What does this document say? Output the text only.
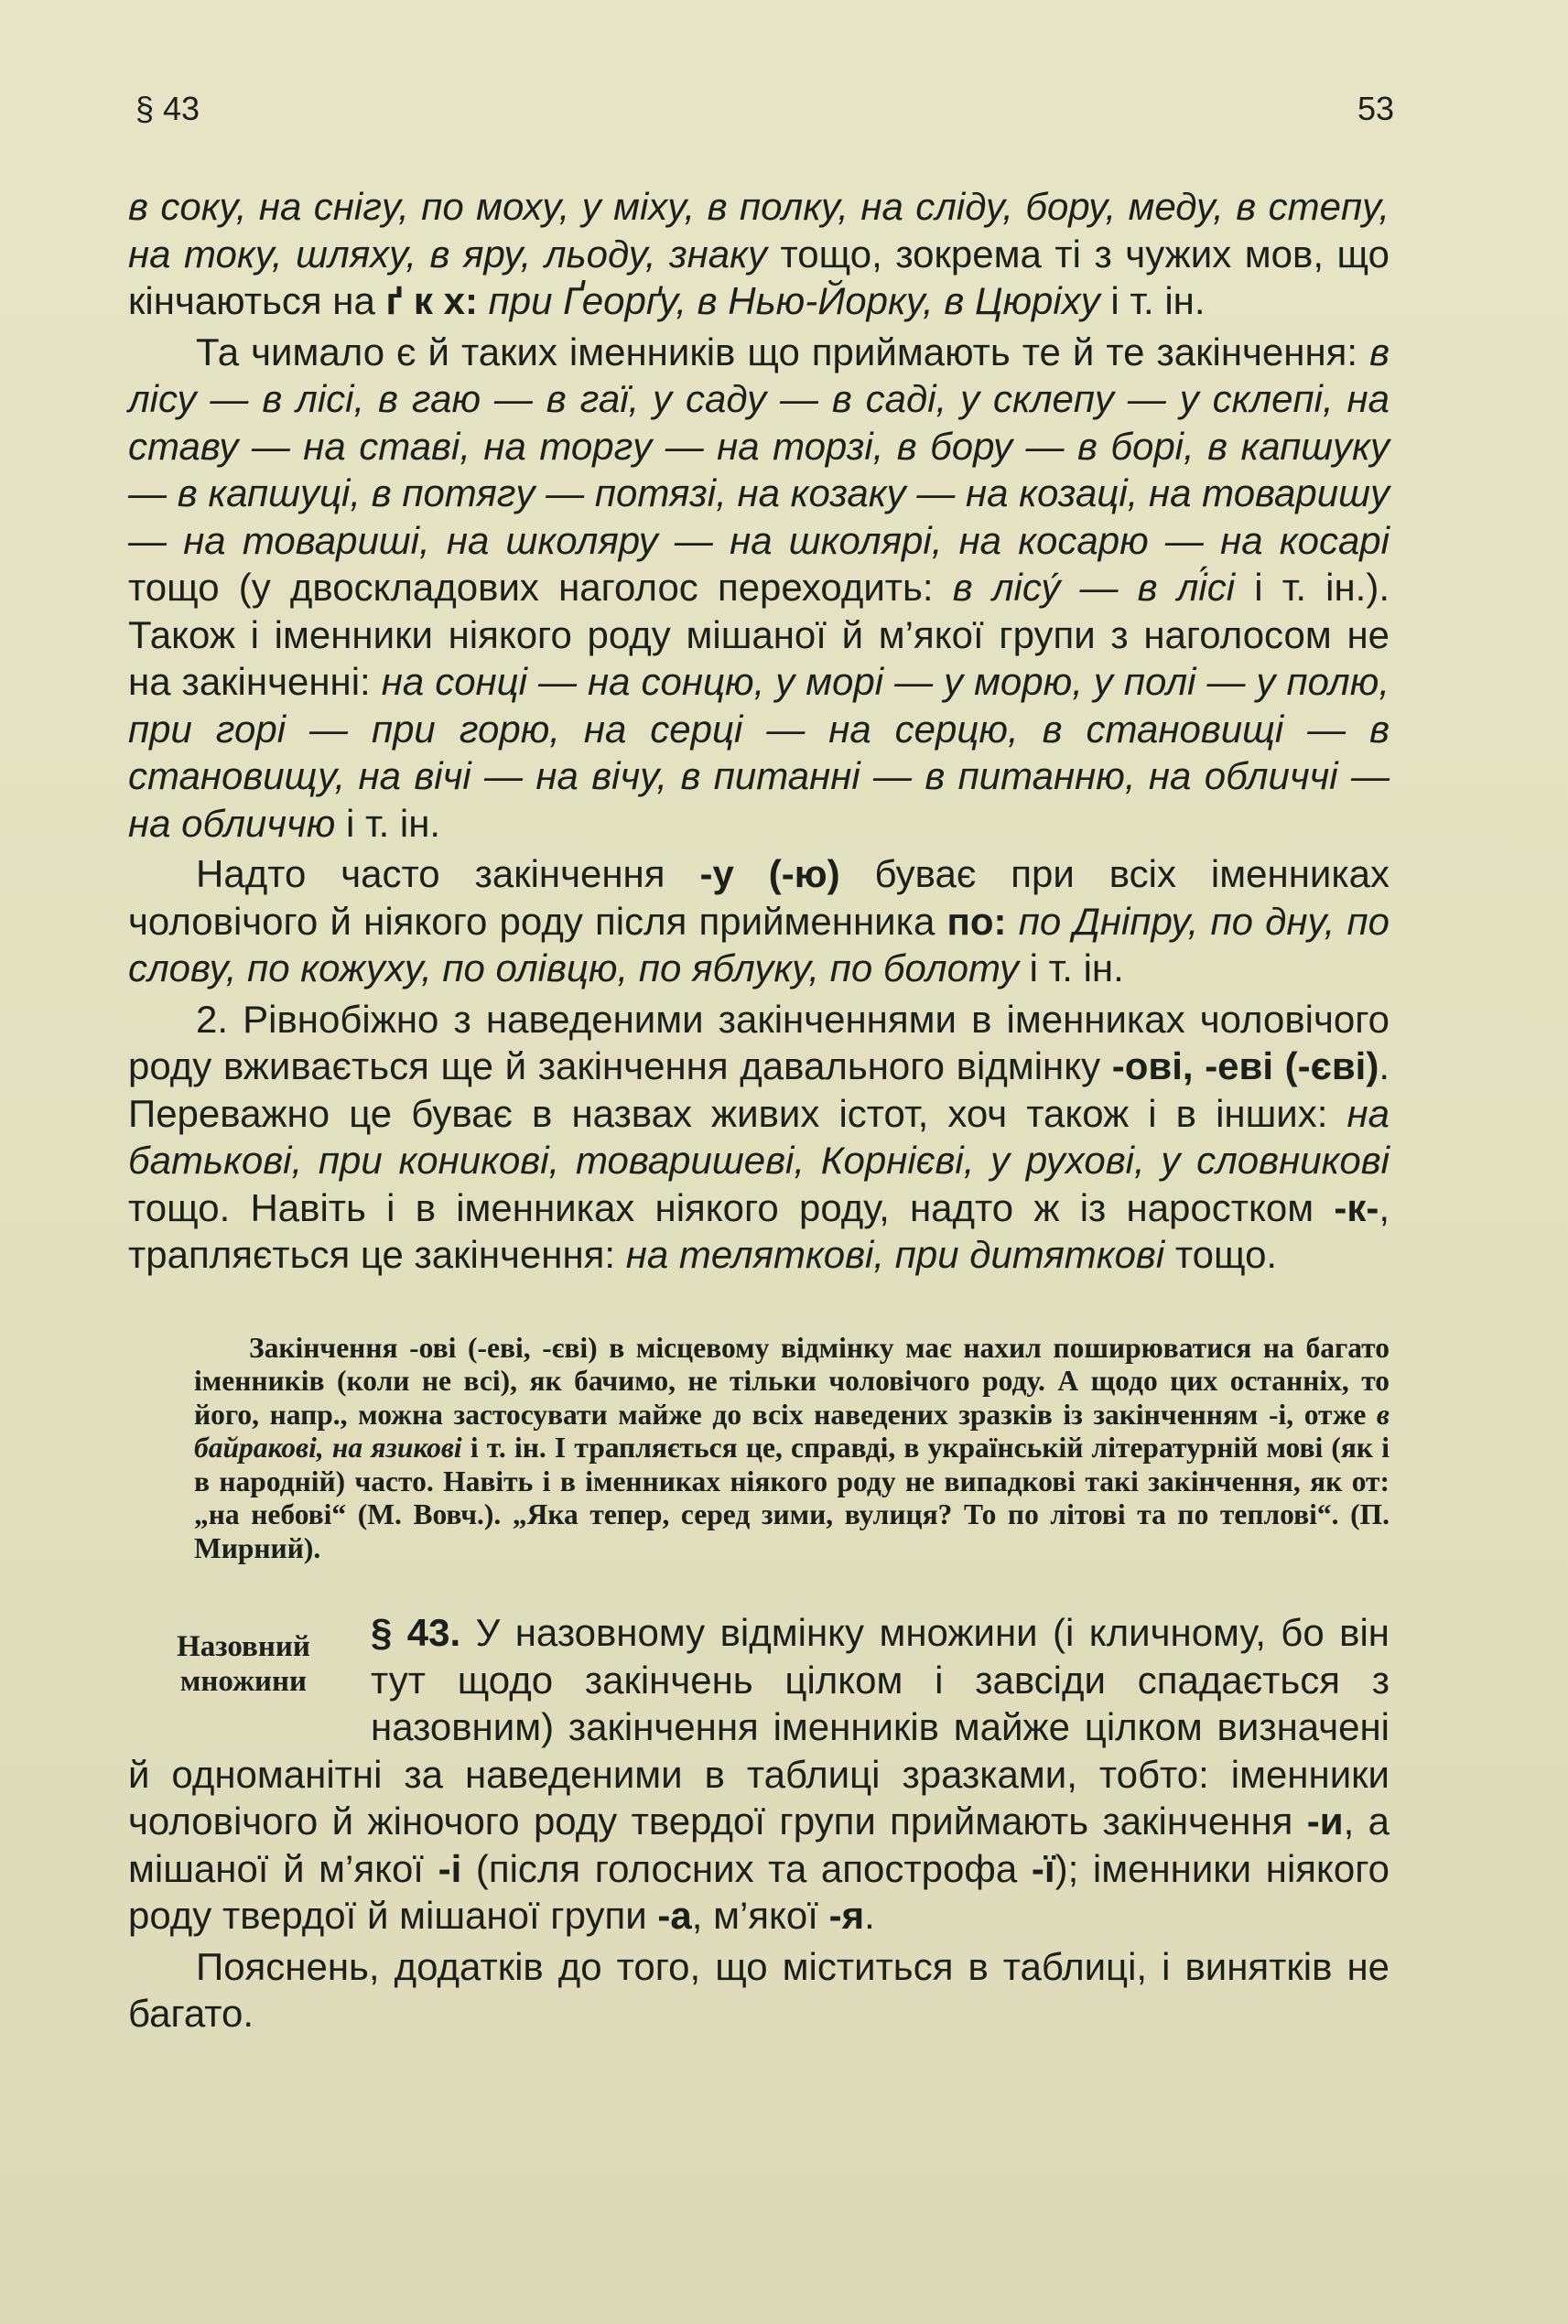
§ 43	53

в соку, на снігу, по моху, у міху, в полку, на сліду, бору, меду, в степу, на току, шляху, в яру, льоду, знаку тощо, зокрема ті з чужих мов, що кінчаються на ґ к х: при Ґеорґу, в Нью-Йорку, в Цюріху і т. ін.

Та чимало є й таких іменників що приймають те й те закінчення: в лісу — в лісі, в гаю — в гаї, у саду — в саді, у склепу — у склепі, на ставу — на ставі, на торгу — на торзі, в бору — в борі, в капшуку — в капшуці, в потягу — потязі, на козаку — на козаці, на товаришу — на товариші, на школяру — на школярі, на косарю — на косарі тощо (у двоскладових наголос переходить: в лісу́ — в лі́сі і т. ін.). Також і іменники ніякого роду мішаної й м’якої групи з наголосом не на закінченні: на сонці — на сонцю, у морі — у морю, у полі — у полю, при горі — при горю, на серці — на серцю, в становищі — в становищу, на вічі — на вічу, в питанні — в питанню, на обличчі — на обличчю і т. ін.

Надто часто закінчення -у (-ю) буває при всіх іменниках чоловічого й ніякого роду після прийменника по: по Дніпру, по дну, по слову, по кожуху, по олівцю, по яблуку, по болоту і т. ін.

2. Рівнобіжно з наведеними закінченнями в іменниках чоловічого роду вживається ще й закінчення давального відмінку -ові, -еві (-єві). Переважно це буває в назвах живих істот, хоч також і в інших: на батькові, при коникові, товаришеві, Корнієві, у рухові, у словникові тощо. Навіть і в іменниках ніякого роду, надто ж із наростком -к-, трапляється це закінчення: на теляткові, при дитяткові тощо.

Закінчення -ові (-еві, -єві) в місцевому відмінку має нахил поширюватися на багато іменників (коли не всі), як бачимо, не тільки чоловічого роду. А щодо цих останніх, то його, напр., можна застосувати майже до всіх наведених зразків із закінченням -і, отже в байракові, на язикові і т. ін. І трапляється це, справді, в українській літературній мові (як і в народній) часто. Навіть і в іменниках ніякого роду не випадкові такі закінчення, як от: „на небові“ (М. Вовч.). „Яка тепер, серед зими, вулиця? То по літові та по теплові“. (П. Мирний).

Назовний
множини

§ 43. У назовному відмінку множини (і кличному, бо він тут щодо закінчень цілком і завсіди спадається з назовним) закінчення іменників майже цілком визначені й одноманітні за наведеними в таблиці зразками, тобто: іменники чоловічого й жіночого роду твердої групи приймають закінчення -и, а мішаної й м’якої -і (після голосних та апострофа -ї); іменники ніякого роду твердої й мішаної групи -а, м’якої -я.

Пояснень, додатків до того, що міститься в таблиці, і винятків не багато.
